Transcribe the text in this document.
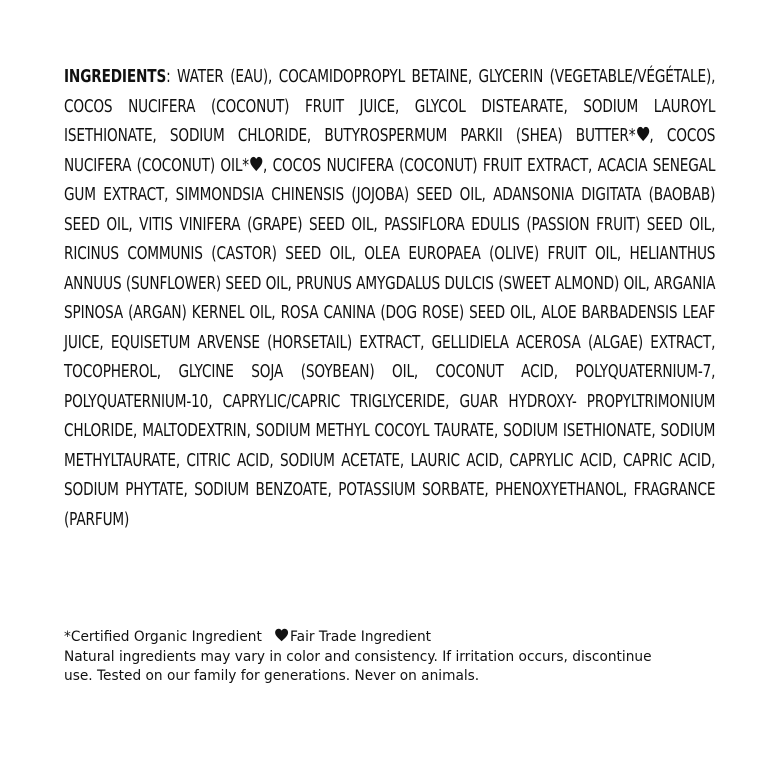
INGREDIENTS: WATER (EAU), COCAMIDOPROPYL BETAINE, GLYCERIN (VEGETABLE/VÉGÉTALE), COCOS NUCIFERA (COCONUT) FRUIT JUICE, GLYCOL DISTEARATE, SODIUM LAUROYL ISETHIONATE, SODIUM CHLORIDE, BUTYROSPERMUM PARKII (SHEA) BUTTER* , COCOS NUCIFERA (COCONUT) OIL* , COCOS NUCIFERA (COCONUT) FRUIT EXTRACT, ACACIA SENEGAL GUM EXTRACT, SIMMONDSIA CHINENSIS (JOJOBA) SEED OIL, ADANSONIA DIGITATA (BAOBAB) SEED OIL, VITIS VINIFERA (GRAPE) SEED OIL, PASSIFLORA EDULIS (PASSION FRUIT) SEED OIL, RICINUS COMMUNIS (CASTOR) SEED OIL, OLEA EUROPAEA (OLIVE) FRUIT OIL, HELIANTHUS ANNUUS (SUNFLOWER) SEED OIL, PRUNUS AMYGDALUS DULCIS (SWEET ALMOND) OIL, ARGANIA SPINOSA (ARGAN) KERNEL OIL, ROSA CANINA (DOG ROSE) SEED OIL, ALOE BARBADENSIS LEAF JUICE, EQUISETUM ARVENSE (HORSETAIL) EXTRACT, GELLIDIELA ACEROSA (ALGAE) EXTRACT, TOCOPHEROL, GLYCINE SOJA (SOYBEAN) OIL, COCONUT ACID, POLYQUATERNIUM-7, POLYQUATERNIUM-10, CAPRYLIC/CAPRIC TRIGLYCERIDE, GUAR HYDROXY- PROPYLTRIMONIUM CHLORIDE, MALTODEXTRIN, SODIUM METHYL COCOYL TAURATE, SODIUM ISETHIONATE, SODIUM METHYLTAURATE, CITRIC ACID, SODIUM ACETATE, LAURIC ACID, CAPRYLIC ACID, CAPRIC ACID, SODIUM PHYTATE, SODIUM BENZOATE, POTASSIUM SORBATE, PHENOXYETHANOL, FRAGRANCE (PARFUM)
*Certified Organic Ingredient Fair Trade Ingredient
Natural ingredients may vary in color and consistency. If irritation occurs, discontinue use. Tested on our family for generations. Never on animals.
